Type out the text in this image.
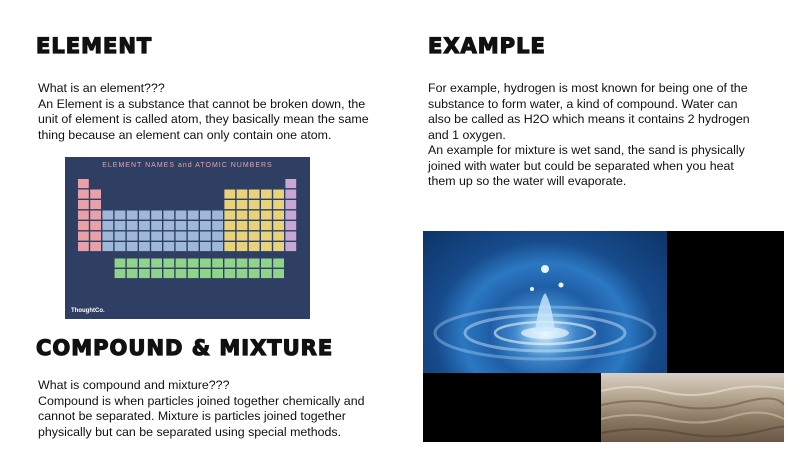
ELEMENT
What is an element???
An Element is a substance that cannot be broken down, the
unit of element is called atom, they basically mean the same
thing because an element can only contain one atom.
ELEMENT NAMES and ATOMIC NUMBERS
ThoughtCo.
COMPOUND & MIXTURE
What is compound and mixture???
Compound is when particles joined together chemically and
cannot be separated. Mixture is particles joined together
physically but can be separated using special methods.
EXAMPLE
For example, hydrogen is most known for being one of the
substance to form water, a kind of compound. Water can
also be called as H2O which means it contains 2 hydrogen
and 1 oxygen.
An example for mixture is wet sand, the sand is physically
joined with water but could be separated when you heat
them up so the water will evaporate.
